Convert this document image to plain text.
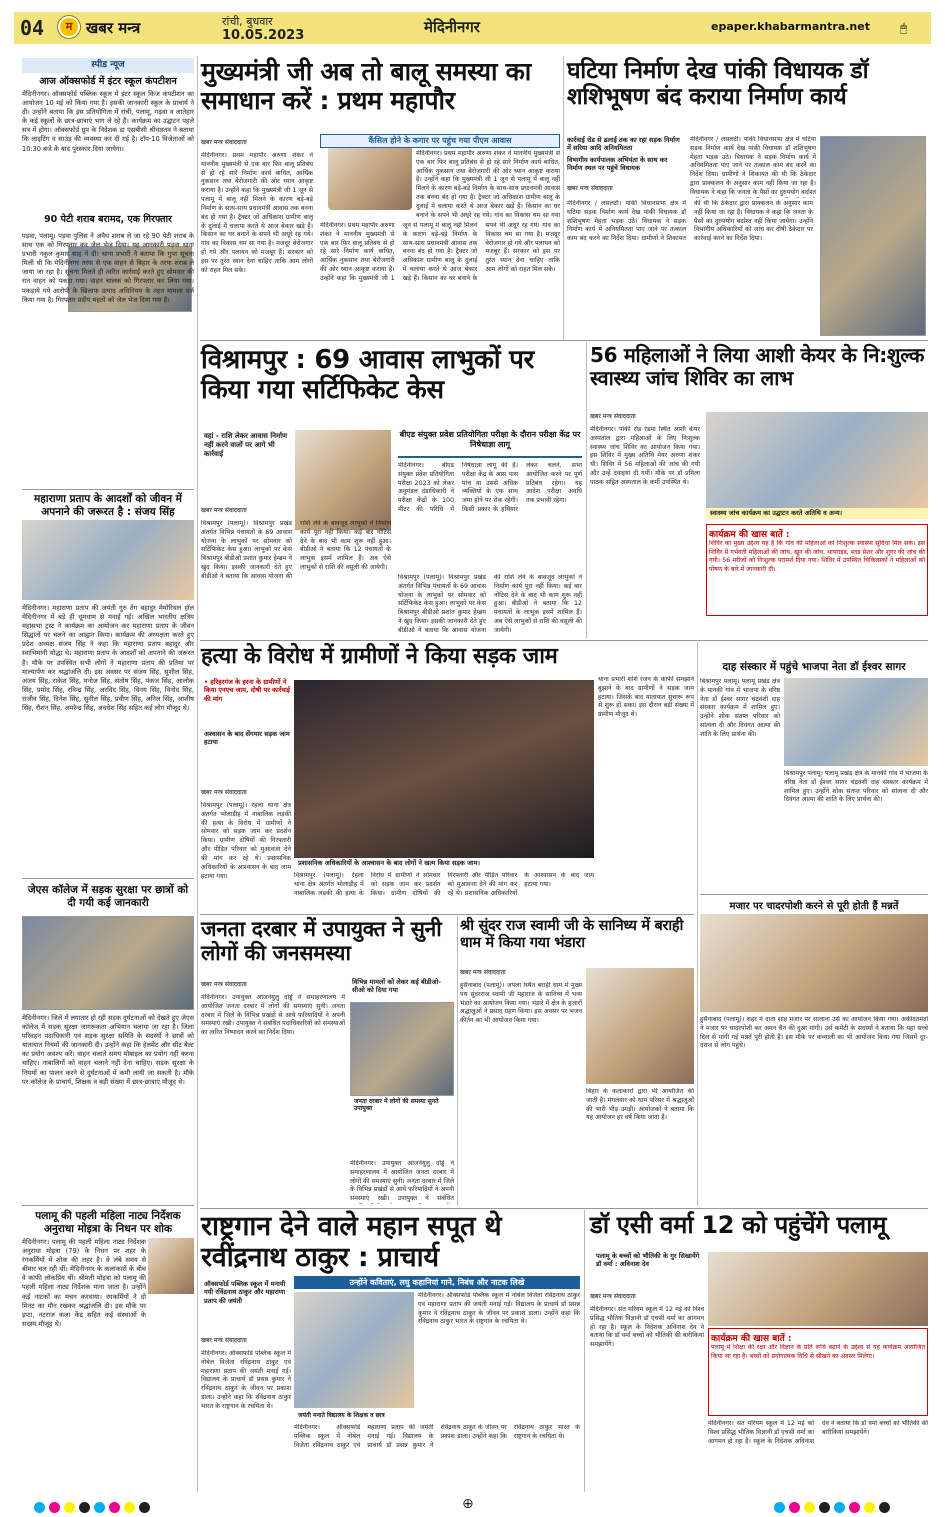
04	म खबर मन्त्र	रांची, बुधवार
10.05.2023	मेदिनीनगर	epaper.khabarmantra.net	🖱
स्पीड न्यूज
आज ऑक्सफोर्ड में इंटर स्कूल कंपटीशन
मेदिनीनगर। ऑक्सफोर्ड पब्लिक स्कूल में इंटर स्कूल किज कंपटीशन का आयोजन 10 मई को किया गया है। इसकी जानकारी स्कूल के प्राचार्य ने दी। उन्होंने बताया कि इस प्रतियोगिता में रांची, पलामू, गढ़वा व लातेहार के कई स्कूलों के छात्र-छात्राएं भाग ले रहे हैं। कार्यक्रम का उद्घाटन पहले सत्र में होगा। ऑक्सफोर्ड ग्रुप के निदेशक डा एसबीसी श्रीवास्तव ने बताया कि लाइटिंग व साउंड की व्यवस्था कर दी गई है। टॉप-10 विजेताओं को 10:30 बजे के बाद पुरस्कार दिया जायेगा।
90 पेटी शराब बरामद, एक गिरफ्तार
पड़वा, पलामू। पड़वा पुलिस ने अवैध शराब ले जा रहे 90 पेटी शराब के साथ एक को गिरफ्तार कर जेल भेज दिया। यह जानकारी पड़वा थाना प्रभारी नकुल कुमार साह ने दी। थाना प्रभारी ने बताया कि गुप्त सूचना मिली थी कि मेदिनीनगर तरफ से एक वाहन से बिहार के तरफ शराब ले जाया जा रहा है। सूचना मिलते ही त्वरित कार्रवाई करते हुए सोमवार की रात वाहन को पकड़ा गया। वाहन चालक को गिरफ्तार कर लिया गया। पकड़ाये गये आरोपी के खिलाफ उत्पाद अधिनियम के तहत मामला दर्ज किया गया है। गिरफ्तार प्रदीप महतो को जेल भेज दिया गया है।
महाराणा प्रताप के आदर्शों को जीवन में अपनाने की जरूरत है : संजय सिंह
मेदिनीनगर। महाराणा प्रताप की जयंती गुरु तेग बहादुर मेमोरियल हॉल मेदिनीनगर में बड़े ही धूमधाम से मनाई गई। अखिल भारतीय क्षत्रिय महासभा ट्रस्ट ने कार्यक्रम का आयोजन कर महाराणा प्रताप के जीवन सिद्धांतों पर चलने का आह्वान किया। कार्यक्रम की अध्यक्षता करते हुए प्रदेश अध्यक्ष संजय सिंह ने कहा कि महाराणा प्रताप बहादुर और स्वाभिमानी योद्धा थे। महाराणा प्रताप के आदर्शों को अपनाने की जरूरत है। मौके पर उपस्थित सभी लोगों ने महाराणा प्रताप की प्रतिमा पर माल्यार्पण कर श्रद्धांजलि दी। इस अवसर पर संजय सिंह, सुशील सिंह, अजय सिंह, राकेश सिंह, मनोज सिंह, संतोष सिंह, पंकज सिंह, आलोक सिंह, प्रमोद सिंह, रविन्द्र सिंह, अरविंद सिंह, विनय सिंह, विनोद सिंह, राजीव सिंह, दिनेश सिंह, सुनील सिंह, प्रवीण सिंह, अनिल सिंह, आशीष सिंह, रौशन सिंह, अमरेन्द्र सिंह, अवधेश सिंह सहित कई लोग मौजूद थे।
जेएस कॉलेज में सड़क सुरक्षा पर छात्रों को दी गयी कई जानकारी
मेदिनीनगर। जिले में लगातार हो रही सड़क दुर्घटनाओं को देखते हुए जेएस कॉलेज में सड़क सुरक्षा जागरूकता अभियान चलाया जा रहा है। जिला परिवहन पदाधिकारी एवं सड़क सुरक्षा समिति के सदस्यों ने छात्रों को यातायात नियमों की जानकारी दी। उन्होंने कहा कि हेलमेट और सीट बेल्ट का प्रयोग अवश्य करें। वाहन चलाते समय मोबाइल का प्रयोग नहीं करना चाहिए। नाबालिगों को वाहन चलाने नहीं देना चाहिए। सड़क सुरक्षा के नियमों का पालन करने से दुर्घटनाओं में कमी लायी जा सकती है। मौके पर कॉलेज के प्राचार्य, शिक्षक व बड़ी संख्या में छात्र-छात्राएं मौजूद थे।
पलामू की पहली महिला नाट्य निर्देशक अनुराधा मोइत्रा के निधन पर शोक
मेदिनीनगर। पलामू की पहली महिला नाट्य निर्देशक अनुराधा मोइत्रा (79) के निधन पर शहर के रंगकर्मियों में शोक की लहर है। वे लंबे समय से बीमार चल रही थीं। मेदिनीनगर के कलाकारों के बीच वे काफी लोकप्रिय थीं। श्रीमती मोइत्रा को पलामू की पहली महिला नाट्य निर्देशक माना जाता है। उन्होंने कई नाटकों का मंचन करवाया। रंगकर्मियों ने दो मिनट का मौन रखकर श्रद्धांजलि दी। इस मौके पर इप्टा, नटराज कला केंद्र सहित कई संस्थाओं के सदस्य मौजूद थे।
मुख्यमंत्री जी अब तो बालू समस्या का समाधान करें : प्रथम महापौर
कैंसिल होने के कगार पर पहुंच गया पीएम आवास
मेदिनीनगर। प्रथम महापौर अरुणा शंकर ने माननीय मुख्यमंत्री से एक बार फिर बालू प्रतिबंध से हो रहे सारे निर्माण कार्य बाधित, आर्थिक नुकसान तथा बेरोजगारी की ओर ध्यान आकृष्ट कराया है। उन्होंने कहा कि मुख्यमंत्री जी 1 जून से पलामू में बालू नहीं मिलने के कारण बड़े-बड़े निर्माण के साथ-साथ प्रधानमंत्री आवास तक बनना बंद हो गया है। ट्रैक्टर जो अधिकांश ग्रामीण बालू के दुलाई में चलाया करते थे आज बेकार खड़े हैं। किसान का घर बनाने के सपने भी अधूरे रह गये। गांव का विकास थम सा गया
खबर मन्त्र संवाददाता
मेदिनीनगर। प्रथम महापौर अरुणा शंकर ने माननीय मुख्यमंत्री से एक बार फिर बालू प्रतिबंध से हो रहे सारे निर्माण कार्य बाधित, आर्थिक नुकसान तथा बेरोजगारी की ओर ध्यान आकृष्ट कराया है। उन्होंने कहा कि मुख्यमंत्री जी 1 जून से पलामू में बालू नहीं मिलने के कारण बड़े-बड़े निर्माण के साथ-साथ प्रधानमंत्री आवास तक बनना बंद हो गया है। ट्रैक्टर जो अधिकांश ग्रामीण बालू के दुलाई में चलाया करते थे आज बेकार खड़े हैं। किसान का घर बनाने के सपने भी अधूरे रह गये। गांव का विकास थम सा गया है। मजदूर बेरोजगार हो गये और पलायन को मजबूर हैं। सरकार को इस पर तुरंत ध्यान देना चाहिए ताकि आम लोगों को राहत मिल सके।
मेदिनीनगर। प्रथम महापौर अरुणा शंकर ने माननीय मुख्यमंत्री से एक बार फिर बालू प्रतिबंध से हो रहे सारे निर्माण कार्य बाधित, आर्थिक नुकसान तथा बेरोजगारी की ओर ध्यान आकृष्ट कराया है। उन्होंने कहा कि मुख्यमंत्री जी 1 जून से पलामू में बालू नहीं मिलने के कारण बड़े-बड़े निर्माण के साथ-साथ प्रधानमंत्री आवास तक बनना बंद हो गया है। ट्रैक्टर जो अधिकांश ग्रामीण बालू के दुलाई में चलाया करते थे आज बेकार खड़े हैं। किसान का घर बनाने के सपने भी अधूरे रह गये। गांव का विकास थम सा गया है। मजदूर बेरोजगार हो गये और पलायन को मजबूर हैं। सरकार को इस पर तुरंत ध्यान देना चाहिए ताकि आम लोगों को राहत मिल सके।
घटिया निर्माण देख पांकी विधायक डॉ शशिभूषण बंद कराया निर्माण कार्य
कार्रवाई रोड से ढलाई तक का रहा सड़क निर्माण में सरिया आदि अनियमितता
विभागीय कार्यपालक अभियंता के साथ कर निर्माण स्थल पर पहुंचे विधायक
खबर मन्त्र संवाददाता
मेदिनीनगर / लसलटी। पांकी विधानसभा क्षेत्र में घटिया सड़क निर्माण कार्य देख पांकी विधायक डॉ शशिभूषण मेहता भड़क उठे। विधायक ने सड़क निर्माण कार्य में अनियमितता पाए जाने पर तत्काल काम बंद करने का निर्देश दिया। ग्रामीणों ने शिकायत की थी कि ठेकेदार द्वारा प्राक्कलन के अनुसार काम नहीं किया जा रहा है। विधायक ने कहा कि जनता के पैसों का दुरुपयोग बर्दाश्त नहीं किया जायेगा। उन्होंने विभागीय अधिकारियों को जांच कर दोषी ठेकेदार पर कार्रवाई करने का निर्देश दिया।
मेदिनीनगर / लसलटी। पांकी विधानसभा क्षेत्र में घटिया सड़क निर्माण कार्य देख पांकी विधायक डॉ शशिभूषण मेहता भड़क उठे। विधायक ने सड़क निर्माण कार्य में अनियमितता पाए जाने पर तत्काल काम बंद करने का निर्देश दिया। ग्रामीणों ने शिकायत की थी कि ठेकेदार द्वारा प्राक्कलन के अनुसार काम नहीं किया जा रहा है। विधायक ने कहा कि जनता के पैसों का दुरुपयोग बर्दाश्त
विश्रामपुर : 69 आवास लाभुकों पर किया गया सर्टिफिकेट केस
वहां - राशि लेकर आवास निर्माण नहीं करने वालों पर आगे भी कार्रवाई
बीएड संयुक्त प्रवेश प्रतियोगिता परीक्षा के दौरान परीक्षा केंद्र पर निषेधाज्ञा लागू
मेदिनीनगर। बीएड संयुक्त प्रवेश प्रतियोगिता परीक्षा 2023 को लेकर अनुमंडल दंडाधिकारी ने परीक्षा केंद्रों के 100 मीटर की परिधि में निषेधाज्ञा लागू की है। परीक्षा केंद्र के आस पास पांच या उससे अधिक व्यक्तियों के एक साथ जमा होने पर रोक रहेगी। किसी प्रकार के हथियार लेकर चलने, सभा आयोजित करने पर पूर्ण प्रतिबंध रहेगा। यह आदेश परीक्षा अवधि तक प्रभावी रहेगा।
खबर मन्त्र संवाददाता
विश्रामपुर (पलामू)। विश्रामपुर प्रखंड अंतर्गत विभिन्न पंचायतों के 69 आवास योजना के लाभुकों पर सोमवार को सर्टिफिकेट केस हुआ। लाभुकों पर केस बिश्रामपुर बीडीओ प्रशांत कुमार हेम्ब्रम ने खुद किया। इसकी जानकारी देते हुए बीडीओ ने बताया कि आवास योजना की राशि लेने के बावजूद लाभुकों ने निर्माण कार्य पूरा नहीं किया। कई बार नोटिस देने के बाद भी काम शुरू नहीं हुआ। बीडीओ ने बताया कि 12 पंचायतों के लाभुक इसमें शामिल हैं। अब ऐसे लाभुकों से राशि की वसूली की जायेगी।
विश्रामपुर (पलामू)। विश्रामपुर प्रखंड अंतर्गत विभिन्न पंचायतों के 69 आवास योजना के लाभुकों पर सोमवार को सर्टिफिकेट केस हुआ। लाभुकों पर केस बिश्रामपुर बीडीओ प्रशांत कुमार हेम्ब्रम ने खुद किया। इसकी जानकारी देते हुए बीडीओ ने बताया कि आवास योजना की राशि लेने के बावजूद लाभुकों ने निर्माण कार्य पूरा नहीं किया। कई बार नोटिस देने के बाद भी काम शुरू नहीं हुआ। बीडीओ ने बताया कि 12 पंचायतों के लाभुक इसमें शामिल हैं। अब ऐसे लाभुकों से राशि की वसूली की जायेगी।
56 महिलाओं ने लिया आशी केयर के नि:शुल्क स्वास्थ्य जांच शिविर का लाभ
खबर मन्त्र संवाददाता
मेदिनीनगर। पांकी रोड रेडमा स्थित आशी केयर अस्पताल द्वारा महिलाओं के लिए निःशुल्क स्वास्थ्य जांच शिविर का आयोजन किया गया। इस शिविर में मुख्य अतिथि मेयर अरुणा शंकर थी। शिविर में 56 महिलाओं की जांच की गयी और उन्हें दवाइयां दी गयीं। मौके पर डॉ प्रमिला पाठक सहित अस्पताल के कर्मी उपस्थित थे।
स्वास्थ्य जांच कार्यक्रम का उद्घाटन करते अतिथि व अन्य।
कार्यक्रम की खास बातें :
शिविर का मुख्य उद्देश्य यह है कि गांव की महिलाओं को निःशुल्क स्वास्थ्य सुविधा मिल सके। इस शिविर में गर्भवती महिलाओं की जांच, खून की जांच, थायराइड, ब्लड प्रेशर और शुगर की जांच की गयी। 56 मरीजों को निःशुल्क परामर्श दिया गया। शिविर में उपस्थित चिकित्सकों ने महिलाओं को पोषण के बारे में जानकारी दी।
हत्या के विरोध में ग्रामीणों ने किया सड़क जाम
• हरिहरगंज के हरना के ग्रामीणों ने किया एनएच जाम, दोषी पर कार्रवाई की मांग
अश्वासन के बाद सेंगमार सड़क जाम हटाया
प्रशासनिक अधिकारियों के आश्वासन के बाद लोगों ने खत्म किया सड़क जाम।
खबर मन्त्र संवाददाता
विश्रामपुर (पलामू)। रेहला थाना क्षेत्र अंतर्गत भोलाडीह में नाबालिक लड़की की हत्या के विरोध में ग्रामीणों ने सोमवार को सड़क जाम कर प्रदर्शन किया। ग्रामीण दोषियों की गिरफ्तारी और पीड़ित परिवार को मुआवजा देने की मांग कर रहे थे। प्रशासनिक अधिकारियों के आश्वासन के बाद जाम हटाया गया।	विश्रामपुर (पलामू)। रेहला थाना क्षेत्र अंतर्गत भोलाडीह में नाबालिक लड़की की हत्या के विरोध में ग्रामीणों ने सोमवार को सड़क जाम कर प्रदर्शन किया। ग्रामीण दोषियों की गिरफ्तारी और पीड़ित परिवार को मुआवजा देने की मांग कर रहे थे। प्रशासनिक अधिकारियों के आश्वासन के बाद जाम हटाया गया।
थाना प्रभारी शशि रंजन के काफी समझाने बुझाने के बाद ग्रामीणों ने सड़क जाम हटाया। जिसके बाद यातायात सुचारू रूप से शुरू हो सका। इस दौरान बड़ी संख्या में ग्रामीण मौजूद थे।
दाह संस्कार में पहुंचे भाजपा नेता डॉ ईश्वर सागर
बिश्रामपुर पलामू। पलामू प्रखंड क्षेत्र के मानकी गांव में भाजपा के वरिष्ठ नेता डॉ ईश्वर सागर चंद्रवंशी दाह संस्कार कार्यक्रम में शामिल हुए। उन्होंने शोक संतप्त परिवार को सांत्वना दी और दिवंगत आत्मा की शांति के लिए प्रार्थना की।
बिश्रामपुर पलामू। पलामू प्रखंड क्षेत्र के मानकी गांव में भाजपा के वरिष्ठ नेता डॉ ईश्वर सागर चंद्रवंशी दाह संस्कार कार्यक्रम में शामिल हुए। उन्होंने शोक संतप्त परिवार को सांत्वना दी और दिवंगत आत्मा की शांति के लिए प्रार्थना की।
मजार पर चादरपोशी करने से पूरी होती हैं मन्नतें
हुसैनाबाद (पलामू)। शहर में दाता शाह मजार पर सालाना उर्स का आयोजन किया गया। अकीदतमंदों ने मजार पर चादरपोशी कर अमन चैन की दुआ मांगी। उर्स कमेटी के सदस्यों ने बताया कि यहां सच्चे दिल से मांगी गई मन्नतें पूरी होती हैं। इस मौके पर कव्वाली का भी आयोजन किया गया जिसमें दूर-दराज से लोग पहुंचे।
जनता दरबार में उपायुक्त ने सुनी लोगों की जनसमस्या
विभिन्न मामलों को लेकर कई बीडीओ-सीओ को दिया गया
खबर मन्त्र संवाददाता
मेदिनीनगर। उपायुक्त आंजनेयुलु दोड्डे ने समाहरणालय में आयोजित जनता दरबार में लोगों की समस्याएं सुनी। जनता दरबार में जिले के विभिन्न प्रखंडों से आये फरियादियों ने अपनी समस्याएं रखी। उपायुक्त ने संबंधित पदाधिकारियों को समस्याओं का त्वरित निष्पादन करने का निर्देश दिया।
जनता दरबार में लोगों की समस्या सुनते उपायुक्त
मेदिनीनगर। उपायुक्त आंजनेयुलु दोड्डे ने समाहरणालय में आयोजित जनता दरबार में लोगों की समस्याएं सुनी। जनता दरबार में जिले के विभिन्न प्रखंडों से आये फरियादियों ने अपनी समस्याएं रखी। उपायुक्त ने संबंधित
श्री सुंदर राज स्वामी जी के सानिध्य में बराही धाम में किया गया भंडारा
खबर मन्त्र संवाददाता
हुसैनाबाद (पलामू)। जपला स्थित बराही धाम में मुख्य पथ सुंदरराज स्वामी जी महाराज के सानिध्य में भव्य भंडारे का आयोजन किया गया। भंडारे में क्षेत्र के हजारों श्रद्धालुओं ने प्रसाद ग्रहण किया। इस अवसर पर भजन कीर्तन का भी आयोजन किया गया।
बिहार के कलाकारों द्वारा भी आयोजित की जाती है। मंगलवार को धाम परिसर में श्रद्धालुओं की भारी भीड़ उमड़ी। आयोजकों ने बताया कि यह आयोजन हर वर्ष किया जाता है।
राष्ट्रगान देने वाले महान सपूत थे रवींद्रनाथ ठाकुर : प्राचार्य
ऑक्सफोर्ड पब्लिक स्कूल में मनायी गयी रविंद्रनाथ ठाकुर और महाराणा प्रताप की जयंती
उन्होंने कविताएं, लघु कहानियां गाने, निबंध और नाटक लिखे
मेदिनीनगर। ऑक्सफोर्ड पब्लिक स्कूल में नोबेल विजेता रविंद्रनाथ ठाकुर एवं महाराणा प्रताप की जयंती मनाई गई। विद्यालय के प्राचार्य डॉ प्रसन्न कुमार ने रविंद्रनाथ ठाकुर के जीवन पर प्रकाश डाला। उन्होंने कहा कि रविंद्रनाथ ठाकुर भारत के राष्ट्रगान के रचयिता थे।
खबर मन्त्र संवाददाता
मेदिनीनगर। ऑक्सफोर्ड पब्लिक स्कूल में नोबेल विजेता रविंद्रनाथ ठाकुर एवं महाराणा प्रताप की जयंती मनाई गई। विद्यालय के प्राचार्य डॉ प्रसन्न कुमार ने रविंद्रनाथ ठाकुर के जीवन पर प्रकाश डाला। उन्होंने कहा कि रविंद्रनाथ ठाकुर भारत के राष्ट्रगान के रचयिता थे।
जयंती मनाते विद्यालय के शिक्षक व छात्र
मेदिनीनगर। ऑक्सफोर्ड पब्लिक स्कूल में नोबेल विजेता रविंद्रनाथ ठाकुर एवं महाराणा प्रताप की जयंती मनाई गई। विद्यालय के प्राचार्य डॉ प्रसन्न कुमार ने रविंद्रनाथ ठाकुर के जीवन पर प्रकाश डाला। उन्होंने कहा कि रविंद्रनाथ ठाकुर भारत के राष्ट्रगान के रचयिता थे।
डॉ एसी वर्मा 12 को पहुंचेंगे पलामू
पलामू के बच्चों को भौतिकी के गुर सिखायेंगे डॉ वर्मा : अविनाश देव
खबर मन्त्र संवाददाता
मेदिनीनगर। संत मरियम स्कूल में 12 मई को विश्व प्रसिद्ध भौतिक विज्ञानी डॉ एचसी वर्मा का आगमन हो रहा है। स्कूल के निदेशक अविनाश देव ने बताया कि डॉ वर्मा बच्चों को भौतिकी की बारीकियां समझायेंगे।
कार्यक्रम की खास बातें :
पलामू में शिक्षा की रक्षा और विज्ञान के प्रति रूचि बढ़ाने के उद्देश्य से यह कार्यक्रम आयोजित किया जा रहा है। बच्चों को प्रयोगात्मक विधि से सीखने का अवसर मिलेगा।
मेदिनीनगर। संत मरियम स्कूल में 12 मई को विश्व प्रसिद्ध भौतिक विज्ञानी डॉ एचसी वर्मा का आगमन हो रहा है। स्कूल के निदेशक अविनाश देव ने बताया कि डॉ वर्मा बच्चों को भौतिकी की बारीकियां समझायेंगे।
⊕
